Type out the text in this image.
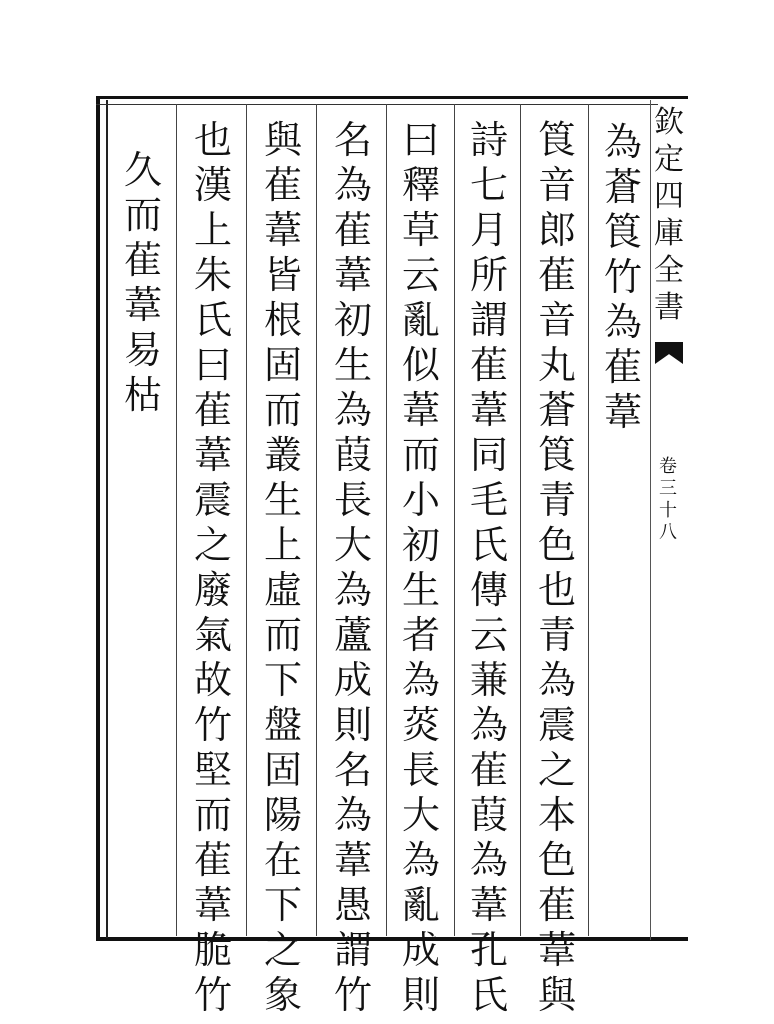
為
蒼
筤
竹
為
萑
葦
筤
音
郎
萑
音
丸
蒼
筤
青
色
也
青
為
震
之
本
色
萑
葦
與
詩
七
月
所
謂
萑
葦
同
毛
氏
傳
云
蒹
為
萑
葭
為
葦
孔
氏
曰
釋
草
云
亂
似
葦
而
小
初
生
者
為
菼
長
大
為
亂
成
則
名
為
萑
葦
初
生
為
葭
長
大
為
蘆
成
則
名
為
葦
愚
謂
竹
與
萑
葦
皆
根
固
而
叢
生
上
虛
而
下
盤
固
陽
在
下
之
象
也
漢
上
朱
氏
曰
萑
葦
震
之
廢
氣
故
竹
堅
而
萑
葦
脆
竹
久
而
萑
葦
易
枯
欽
定
四
庫
全
書
卷
三
十
八
